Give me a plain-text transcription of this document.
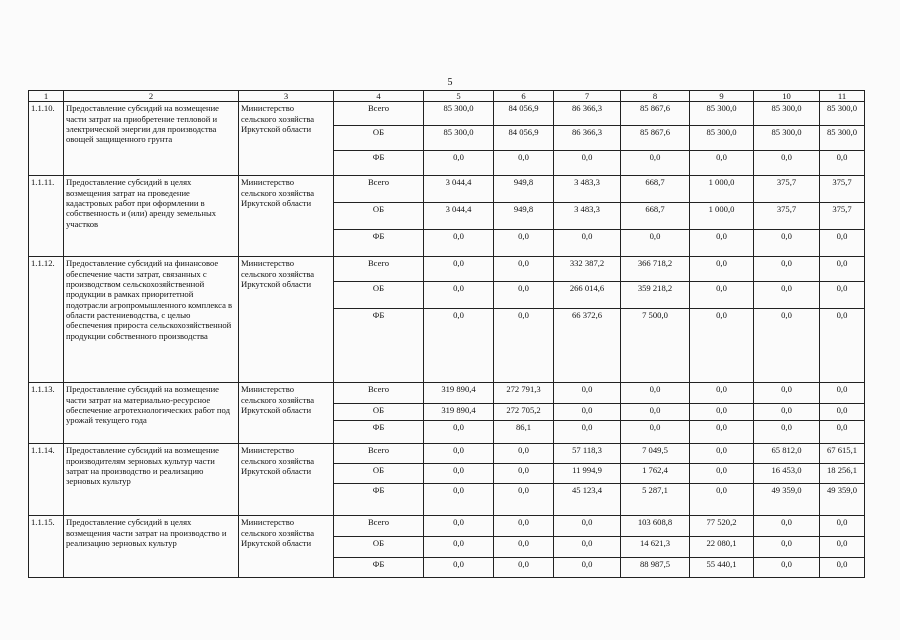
5
1	2	3	4	5	6	7	8	9	10	11
1.1.10.	Предоставление субсидий на возмещение части затрат на приобретение тепловой и электрической энергии для производства овощей защищенного грунта	Министерство сельского хозяйства Иркутской области	Всего	85 300,0	84 056,9	86 366,3	85 867,6	85 300,0	85 300,0	85 300,0
			ОБ	85 300,0	84 056,9	86 366,3	85 867,6	85 300,0	85 300,0	85 300,0
			ФБ	0,0	0,0	0,0	0,0	0,0	0,0	0,0
1.1.11.	Предоставление субсидий в целях возмещения затрат на проведение кадастровых работ при оформлении в собственность и (или) аренду земельных участков	Министерство сельского хозяйства Иркутской области	Всего	3 044,4	949,8	3 483,3	668,7	1 000,0	375,7	375,7
			ОБ	3 044,4	949,8	3 483,3	668,7	1 000,0	375,7	375,7
			ФБ	0,0	0,0	0,0	0,0	0,0	0,0	0,0
1.1.12.	Предоставление субсидий на финансовое обеспечение части затрат, связанных с производством сельскохозяйственной продукции в рамках приоритетной подотрасли агропромышленного комплекса в области растениеводства, с целью обеспечения прироста сельскохозяйственной продукции собственного производства	Министерство сельского хозяйства Иркутской области	Всего	0,0	0,0	332 387,2	366 718,2	0,0	0,0	0,0
			ОБ	0,0	0,0	266 014,6	359 218,2	0,0	0,0	0,0
			ФБ	0,0	0,0	66 372,6	7 500,0	0,0	0,0	0,0
1.1.13.	Предоставление субсидий на возмещение части затрат на материально-ресурсное обеспечение агротехнологических работ под урожай текущего года	Министерство сельского хозяйства Иркутской области	Всего	319 890,4	272 791,3	0,0	0,0	0,0	0,0	0,0
			ОБ	319 890,4	272 705,2	0,0	0,0	0,0	0,0	0,0
			ФБ	0,0	86,1	0,0	0,0	0,0	0,0	0,0
1.1.14.	Предоставление субсидий на возмещение производителям зерновых культур части затрат на производство и реализацию зерновых культур	Министерство сельского хозяйства Иркутской области	Всего	0,0	0,0	57 118,3	7 049,5	0,0	65 812,0	67 615,1
			ОБ	0,0	0,0	11 994,9	1 762,4	0,0	16 453,0	18 256,1
			ФБ	0,0	0,0	45 123,4	5 287,1	0,0	49 359,0	49 359,0
1.1.15.	Предоставление субсидий в целях возмещения части затрат на производство и реализацию зерновых культур	Министерство сельского хозяйства Иркутской области	Всего	0,0	0,0	0,0	103 608,8	77 520,2	0,0	0,0
			ОБ	0,0	0,0	0,0	14 621,3	22 080,1	0,0	0,0
			ФБ	0,0	0,0	0,0	88 987,5	55 440,1	0,0	0,0
